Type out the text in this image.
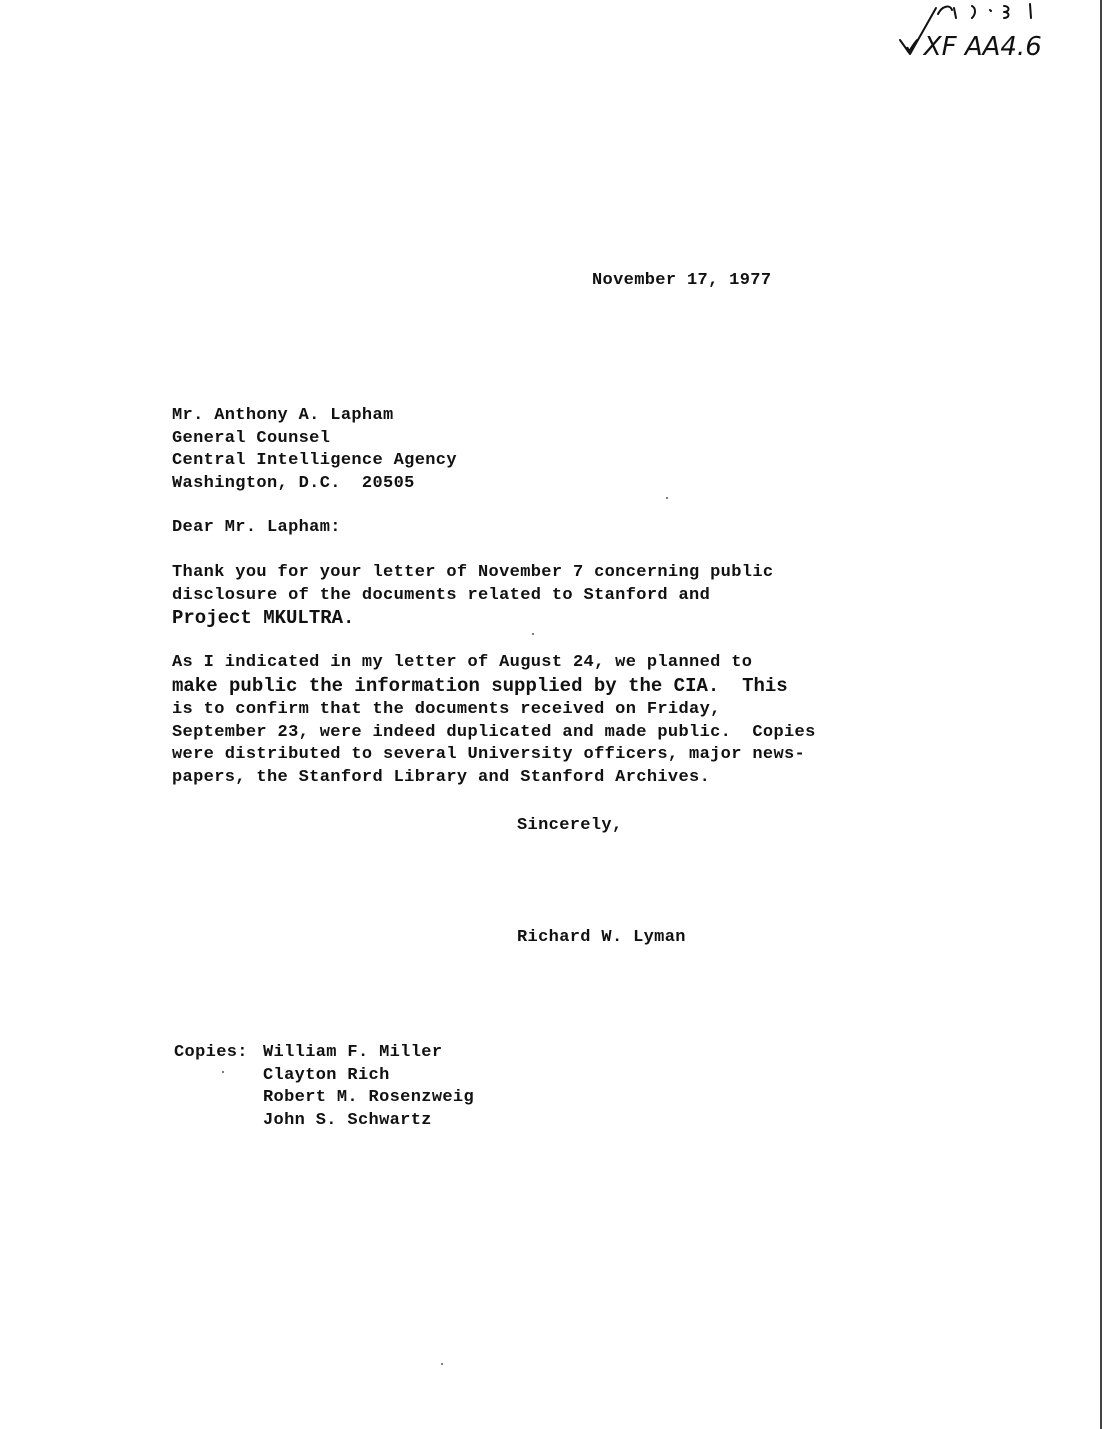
✓XF AA4.6
November 17, 1977
Mr. Anthony A. Lapham
General Counsel
Central Intelligence Agency
Washington, D.C.  20505
Dear Mr. Lapham:
Thank you for your letter of November 7 concerning public
disclosure of the documents related to Stanford and
Project MKULTRA.
As I indicated in my letter of August 24, we planned to
make public the information supplied by the CIA.  This
is to confirm that the documents received on Friday,
September 23, were indeed duplicated and made public.  Copies
were distributed to several University officers, major news-
papers, the Stanford Library and Stanford Archives.
Sincerely,
Richard W. Lyman
Copies: William F. Miller
Clayton Rich
Robert M. Rosenzweig
John S. Schwartz
